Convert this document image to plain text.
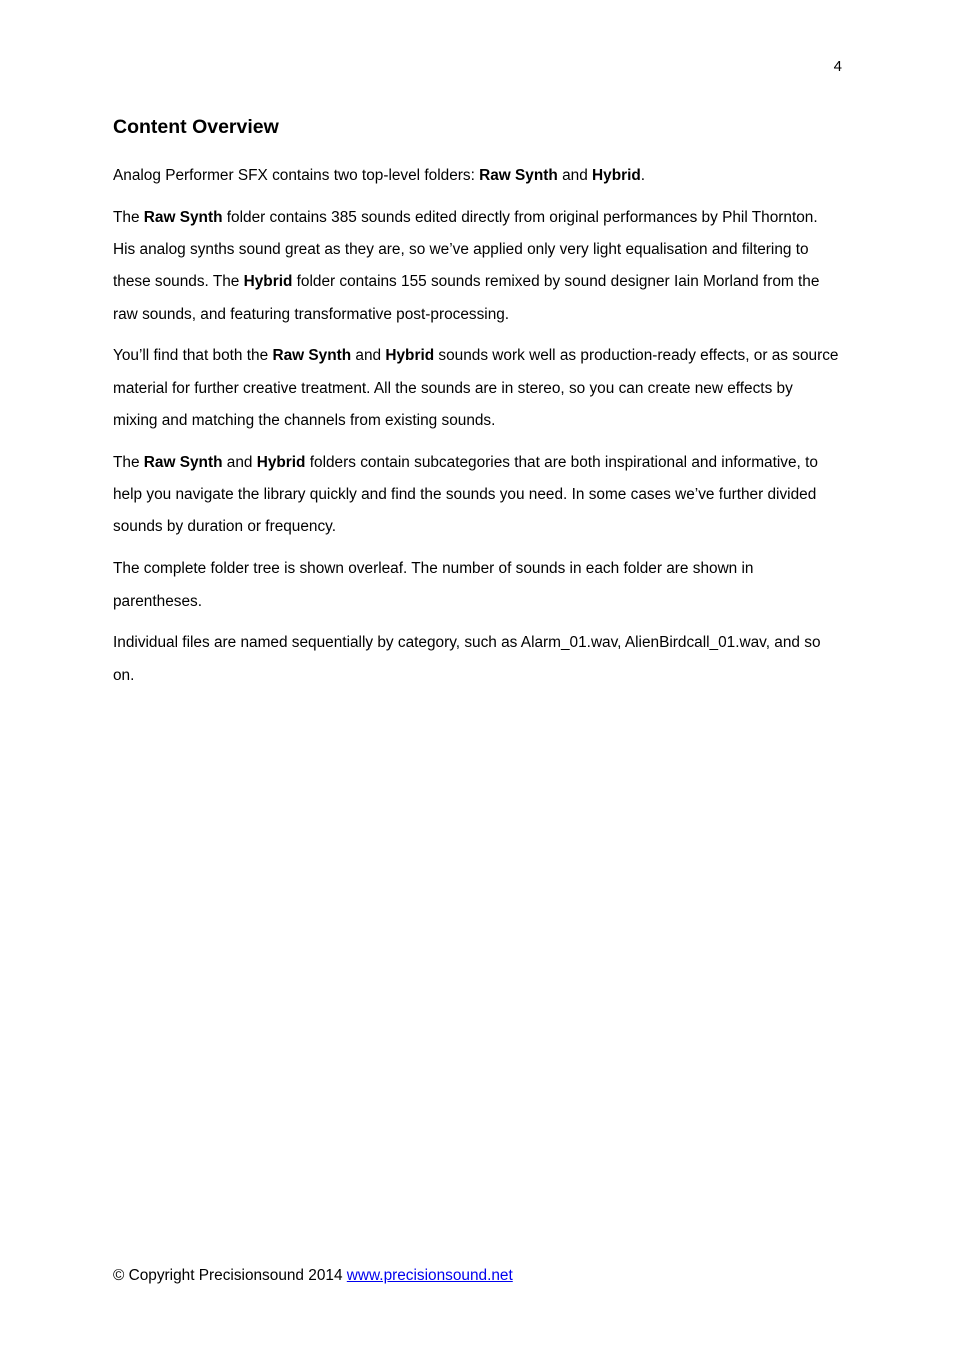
4
Content Overview

Analog Performer SFX contains two top-level folders: Raw Synth and Hybrid.

The Raw Synth folder contains 385 sounds edited directly from original performances by Phil Thornton. His analog synths sound great as they are, so we’ve applied only very light equalisation and filtering to these sounds. The Hybrid folder contains 155 sounds remixed by sound designer Iain Morland from the raw sounds, and featuring transformative post-processing.

You’ll find that both the Raw Synth and Hybrid sounds work well as production-ready effects, or as source material for further creative treatment. All the sounds are in stereo, so you can create new effects by mixing and matching the channels from existing sounds.

The Raw Synth and Hybrid folders contain subcategories that are both inspirational and informative, to help you navigate the library quickly and find the sounds you need. In some cases we’ve further divided sounds by duration or frequency.

The complete folder tree is shown overleaf. The number of sounds in each folder are shown in parentheses.

Individual files are named sequentially by category, such as Alarm_01.wav, AlienBirdcall_01.wav, and so on.

© Copyright Precisionsound 2014 www.precisionsound.net
